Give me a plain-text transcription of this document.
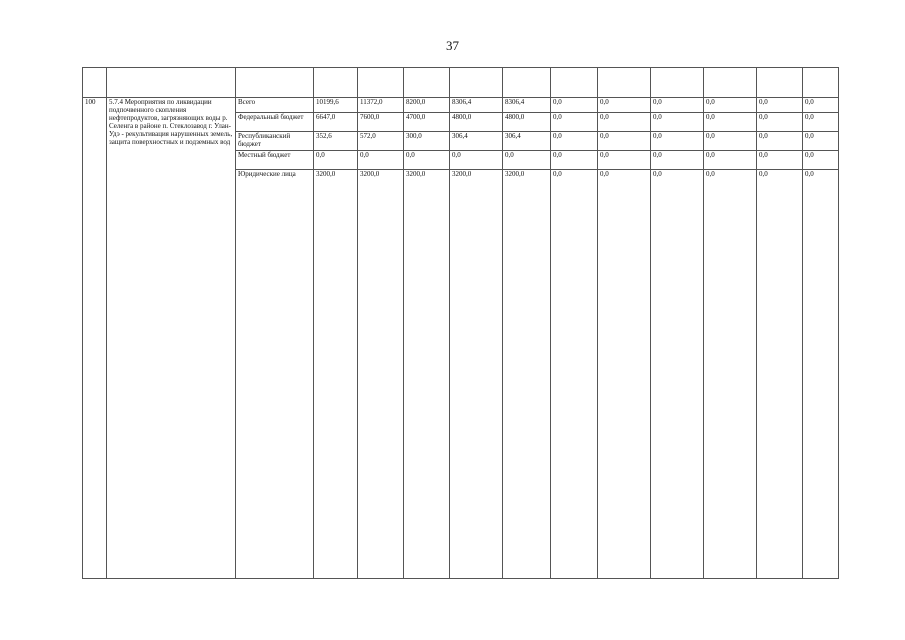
37

100	5.7.4 Мероприятия по ликвидации подпочвенного скопления нефтепродуктов, загрязняющих воды р. Селенга в районе п. Стеклозавод г. Улан-Удэ - рекультивация нарушенных земель, защита поверхностных и подземных вод	Всего	10199,6	11372,0	8200,0	8306,4	8306,4	0,0	0,0	0,0	0,0	0,0	0,0
		Федеральный бюджет	6647,0	7600,0	4700,0	4800,0	4800,0	0,0	0,0	0,0	0,0	0,0	0,0
		Республиканский бюджет	352,6	572,0	300,0	306,4	306,4	0,0	0,0	0,0	0,0	0,0	0,0
		Местный бюджет	0,0	0,0	0,0	0,0	0,0	0,0	0,0	0,0	0,0	0,0	0,0
		Юридические лица	3200,0	3200,0	3200,0	3200,0	3200,0	0,0	0,0	0,0	0,0	0,0	0,0
